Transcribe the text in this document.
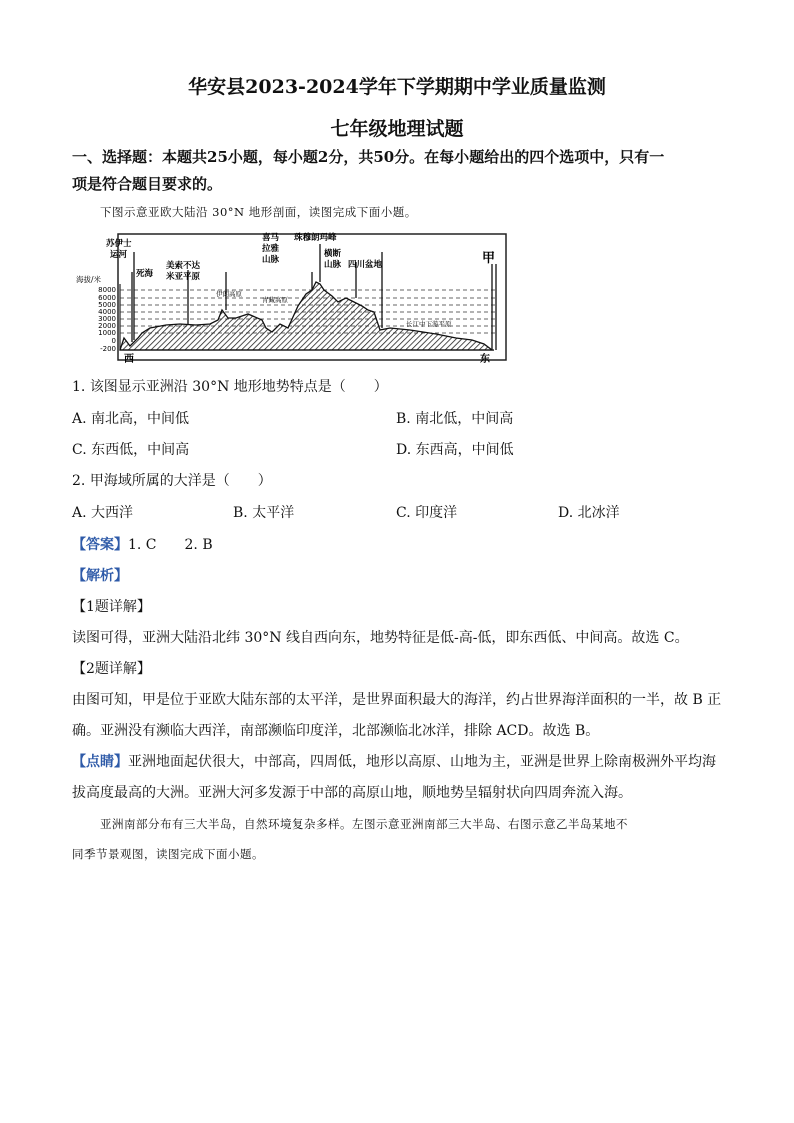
华安县2023-2024学年下学期期中学业质量监测
七年级地理试题
一、选择题：本题共25小题，每小题2分，共50分。在每小题给出的四个选项中，只有一
项是符合题目要求的。
下图示意亚欧大陆沿 30°N 地形剖面，读图完成下面小题。
海拔/米
8000
6000
5000
4000
3000
2000
1000
0
-200
苏伊士
运河
死海
美索不达
米亚平原
喜马
拉雅
山脉
珠穆朗玛峰
横断
山脉 四川盆地	甲
伊朗高原
青藏高原
长江中下游平原
西	东
1. 该图显示亚洲沿 30°N 地形地势特点是（　　）
A. 南北高，中间低	B. 南北低，中间高
C. 东西低，中间高	D. 东西高，中间低
2. 甲海域所属的大洋是（　　）
A. 大西洋	B. 太平洋	C. 印度洋	D. 北冰洋
【答案】1. C　　2. B
【解析】
【1题详解】
读图可得，亚洲大陆沿北纬 30°N 线自西向东，地势特征是低-高-低，即东西低、中间高。故选 C。
【2题详解】
由图可知，甲是位于亚欧大陆东部的太平洋，是世界面积最大的海洋，约占世界海洋面积的一半，故 B 正
确。亚洲没有濒临大西洋，南部濒临印度洋，北部濒临北冰洋，排除 ACD。故选 B。
【点睛】亚洲地面起伏很大，中部高，四周低，地形以高原、山地为主，亚洲是世界上除南极洲外平均海
拔高度最高的大洲。亚洲大河多发源于中部的高原山地，顺地势呈辐射状向四周奔流入海。
亚洲南部分布有三大半岛，自然环境复杂多样。左图示意亚洲南部三大半岛、右图示意乙半岛某地不
同季节景观图，读图完成下面小题。
